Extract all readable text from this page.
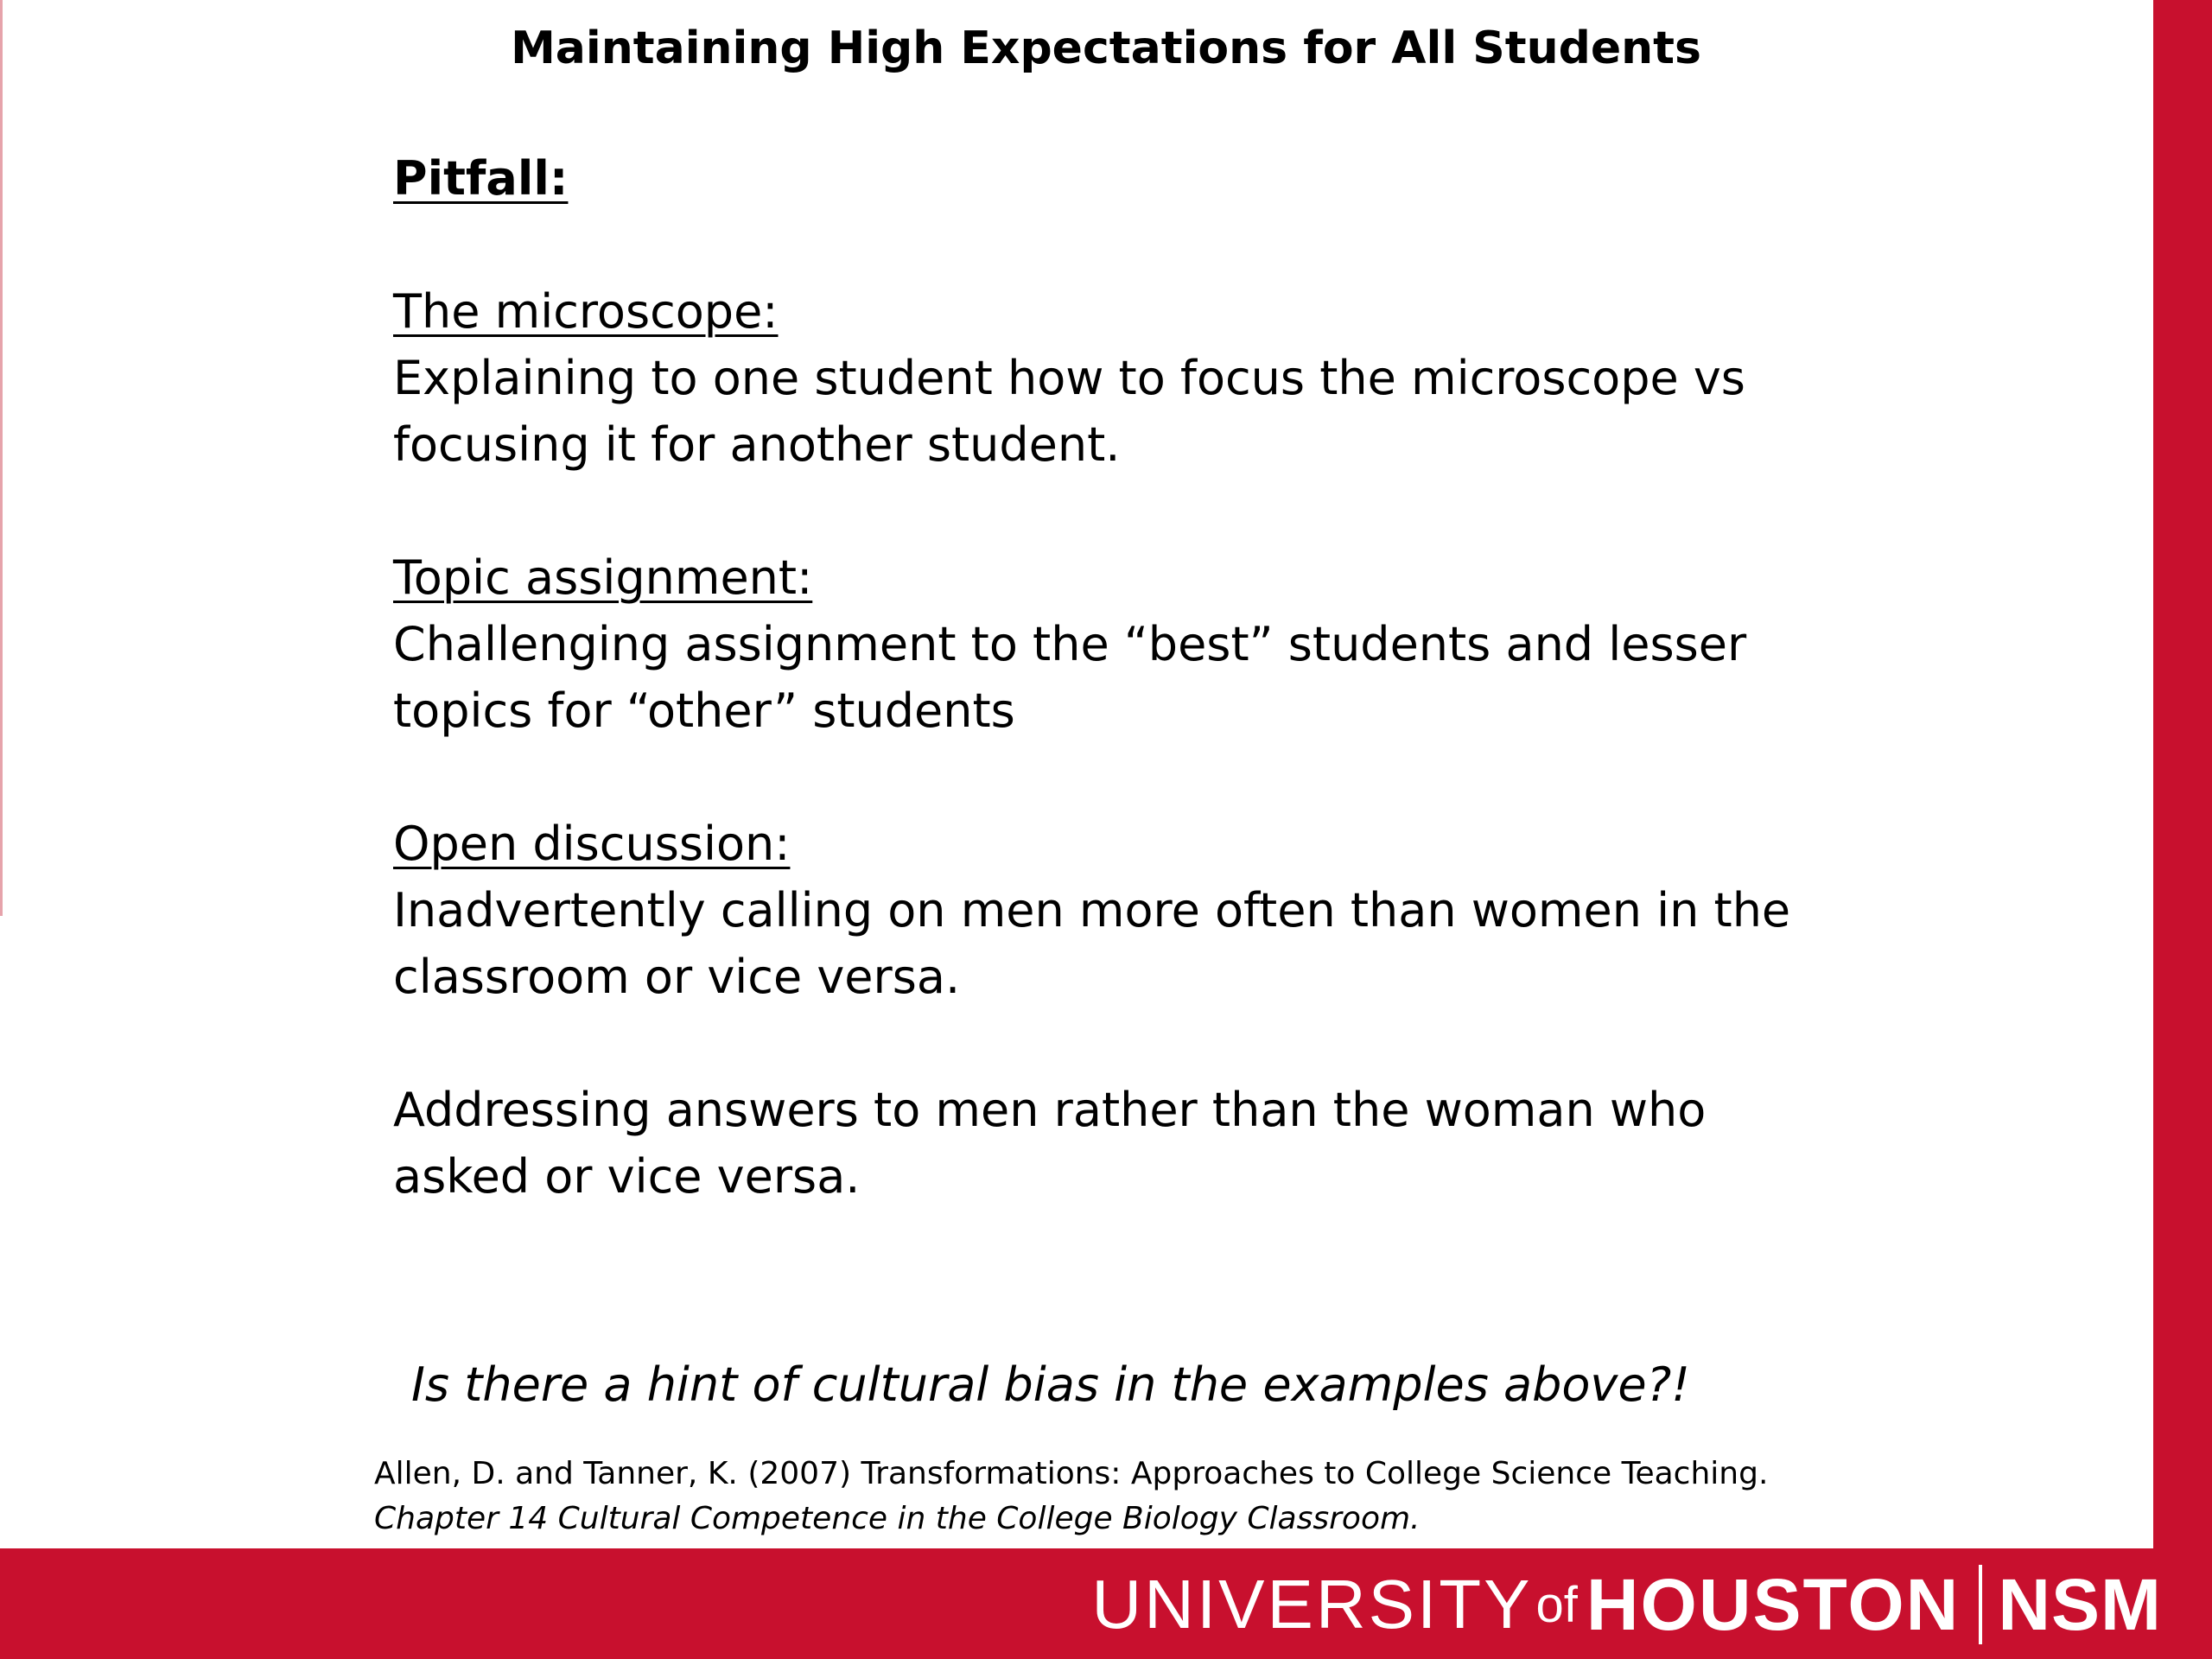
Maintaining High Expectations for All Students

Pitfall:

The microscope:

Explaining to one student how to focus the microscope vs

focusing it for another student.

Topic assignment:

Challenging assignment to the “best” students and lesser

topics for “other” students

Open discussion:

Inadvertently calling on men more often than women in the

classroom or vice versa.

Addressing answers to men rather than the woman who

asked or vice versa.

Is there a hint of cultural bias in the examples above?!

Allen, D. and Tanner, K. (2007) Transformations: Approaches to College Science Teaching.

Chapter 14 Cultural Competence in the College Biology Classroom.

UNIVERSITY of HOUSTON NSM
